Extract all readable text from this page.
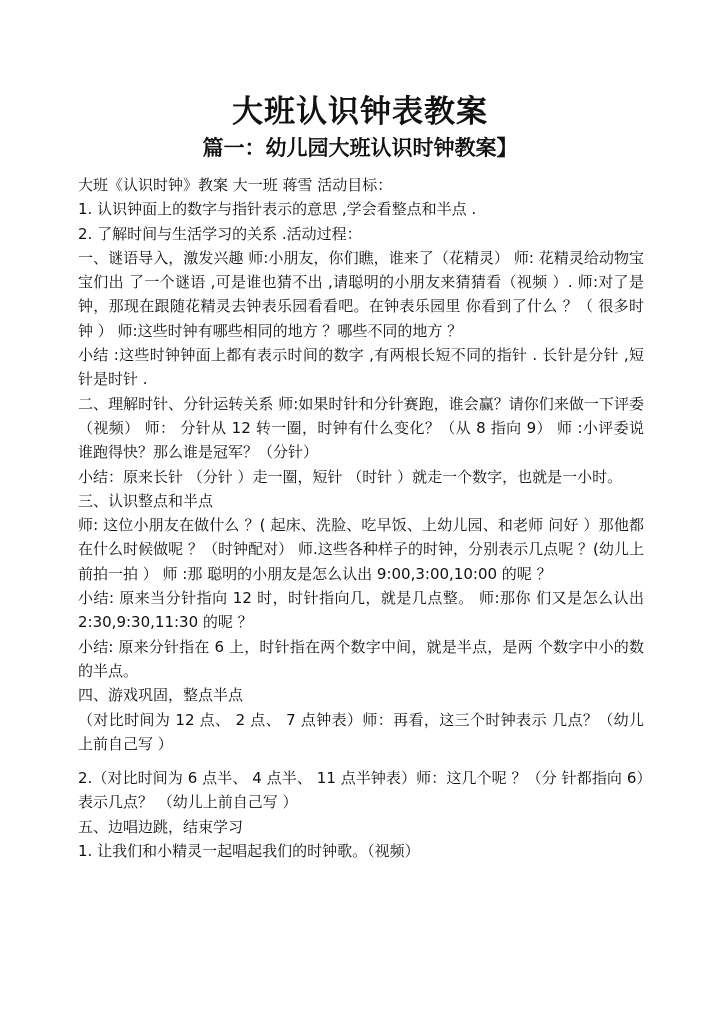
大班认识钟表教案
篇一：幼儿园大班认识时钟教案】

大班《认识时钟》教案 大一班 蒋雪 活动目标：

1. 认识钟面上的数字与指针表示的意思 ,学会看整点和半点 .

2. 了解时间与生活学习的关系 .活动过程：

一、谜语导入，激发兴趣 师:小朋友，你们瞧，谁来了（花精灵） 师: 花精灵给动物宝宝们出 了一个谜语 ,可是谁也猜不出 ,请聪明的小朋友来猜猜看（视频 ）. 师:对了是钟，那现在跟随花精灵去钟表乐园看看吧。在钟表乐园里 你看到了什么 ？（ 很多时钟 ） 师:这些时钟有哪些相同的地方 ？哪些不同的地方 ？

小结 :这些时钟钟面上都有表示时间的数字 ,有两根长短不同的指针 . 长针是分针 ,短针是时针 .

二、理解时针、分针运转关系 师:如果时针和分针赛跑，谁会赢？请你们来做一下评委（视频） 师： 分针从 12 转一圈，时钟有什么变化？（从 8 指向 9） 师 :小评委说 谁跑得快？那么谁是冠军？（分针）

小结：原来长针 （分针 ）走一圈，短针 （时针 ）就走一个数字，也就是一小时。

三、认识整点和半点

师: 这位小朋友在做什么 ？( 起床、洗脸、吃早饭、上幼儿园、和老师 问好 ）那他都在什么时候做呢 ？（时钟配对） 师.这些各种样子的时钟，分别表示几点呢 ？(幼儿上前拍一拍 ） 师 :那 聪明的小朋友是怎么认出 9:00,3:00,10:00 的呢 ？

小结: 原来当分针指向 12 时，时针指向几，就是几点整。 师:那你 们又是怎么认出 2:30,9:30,11:30 的呢 ？

小结: 原来分针指在 6 上，时针指在两个数字中间，就是半点，是两 个数字中小的数的半点。

四、游戏巩固，整点半点

（对比时间为 12 点、 2 点、 7 点钟表）师：再看，这三个时钟表示 几点？（幼儿上前自己写 ）

2.（对比时间为 6 点半、 4 点半、 11 点半钟表）师：这几个呢 ？（分 针都指向 6）表示几点？ （幼儿上前自己写 ）

五、边唱边跳，结束学习

1. 让我们和小精灵一起唱起我们的时钟歌。（视频）
